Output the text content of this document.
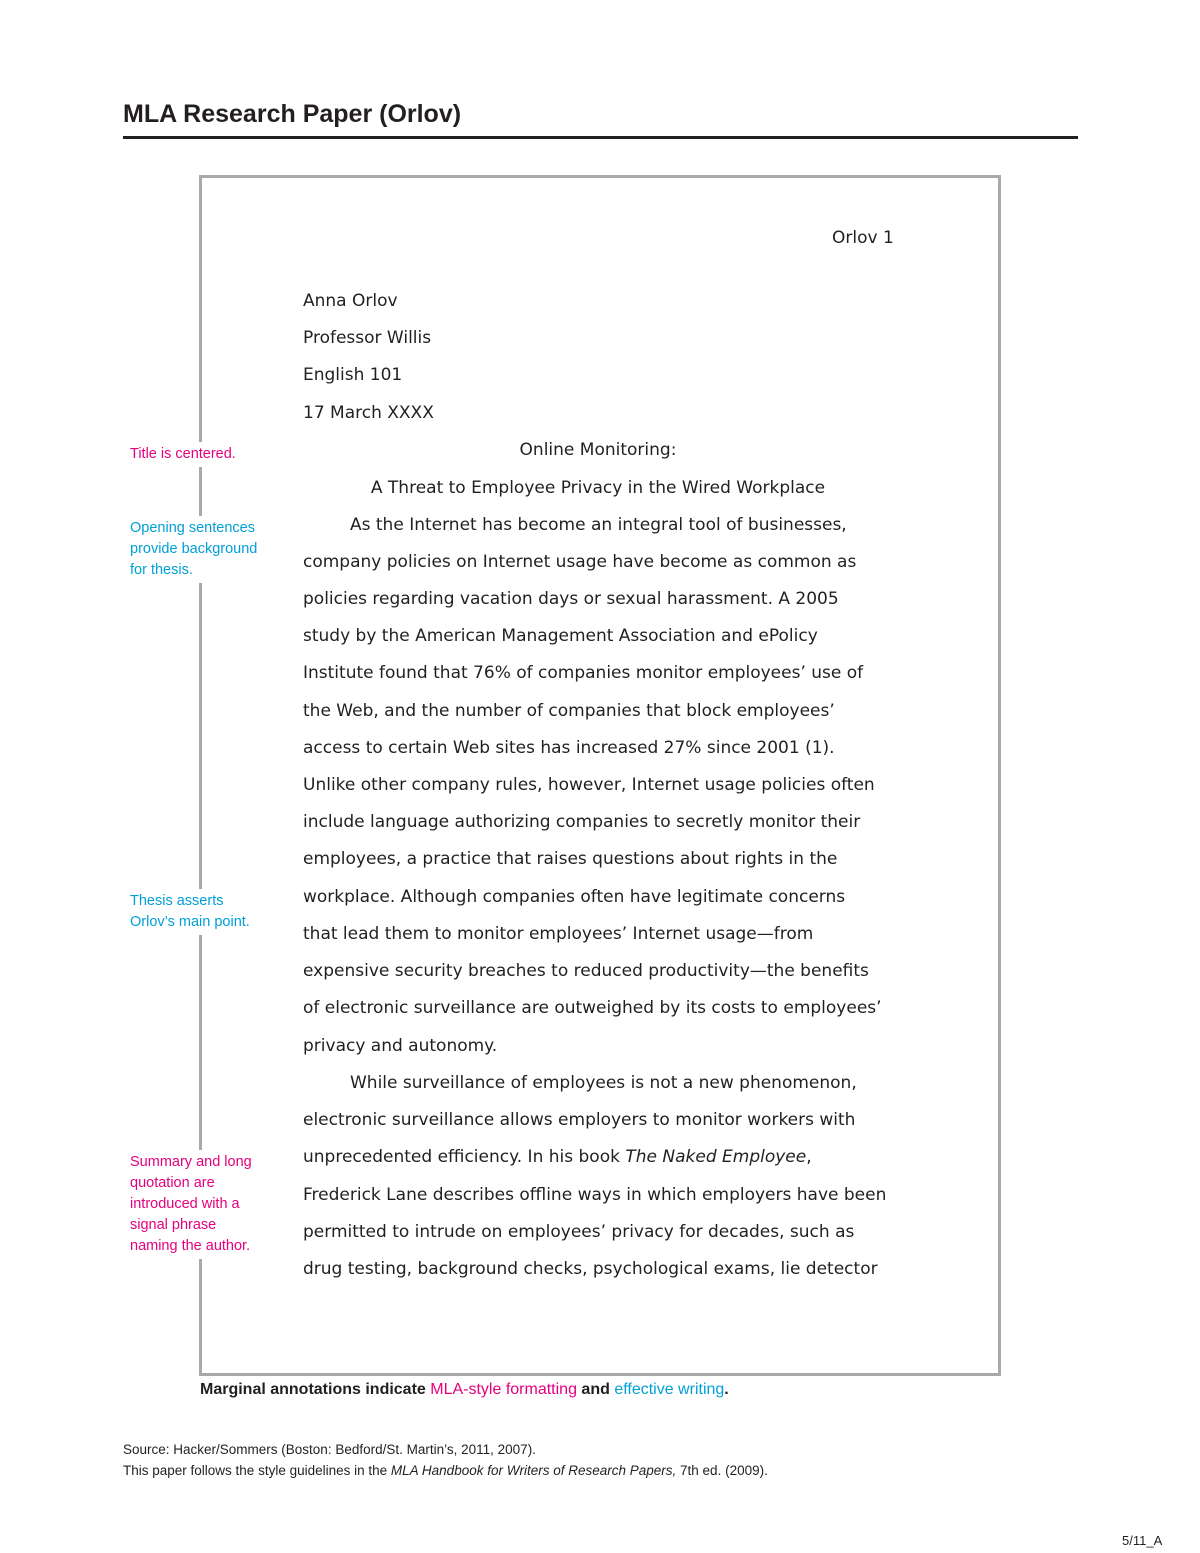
MLA Research Paper (Orlov)
Orlov 1
Anna Orlov
Professor Willis
English 101
17 March XXXX
Online Monitoring:
A Threat to Employee Privacy in the Wired Workplace
As the Internet has become an integral tool of businesses,
company policies on Internet usage have become as common as
policies regarding vacation days or sexual harassment. A 2005
study by the American Management Association and ePolicy
Institute found that 76% of companies monitor employees’ use of
the Web, and the number of companies that block employees’
access to certain Web sites has increased 27% since 2001 (1).
Unlike other company rules, however, Internet usage policies often
include language authorizing companies to secretly monitor their
employees, a practice that raises questions about rights in the
workplace. Although companies often have legitimate concerns
that lead them to monitor employees’ Internet usage—from
expensive security breaches to reduced productivity—the benefits
of electronic surveillance are outweighed by its costs to employees’
privacy and autonomy.
While surveillance of employees is not a new phenomenon,
electronic surveillance allows employers to monitor workers with
unprecedented efficiency. In his book The Naked Employee,
Frederick Lane describes offline ways in which employers have been
permitted to intrude on employees’ privacy for decades, such as
drug testing, background checks, psychological exams, lie detector
Title is centered.
Opening sentences
provide background
for thesis.
Thesis asserts
Orlov’s main point.
Summary and long
quotation are
introduced with a
signal phrase
naming the author.
Marginal annotations indicate MLA-style formatting and effective writing.
Source: Hacker/Sommers (Boston: Bedford/St. Martin’s, 2011, 2007).
This paper follows the style guidelines in the MLA Handbook for Writers of Research Papers, 7th ed. (2009).
5/11_A
